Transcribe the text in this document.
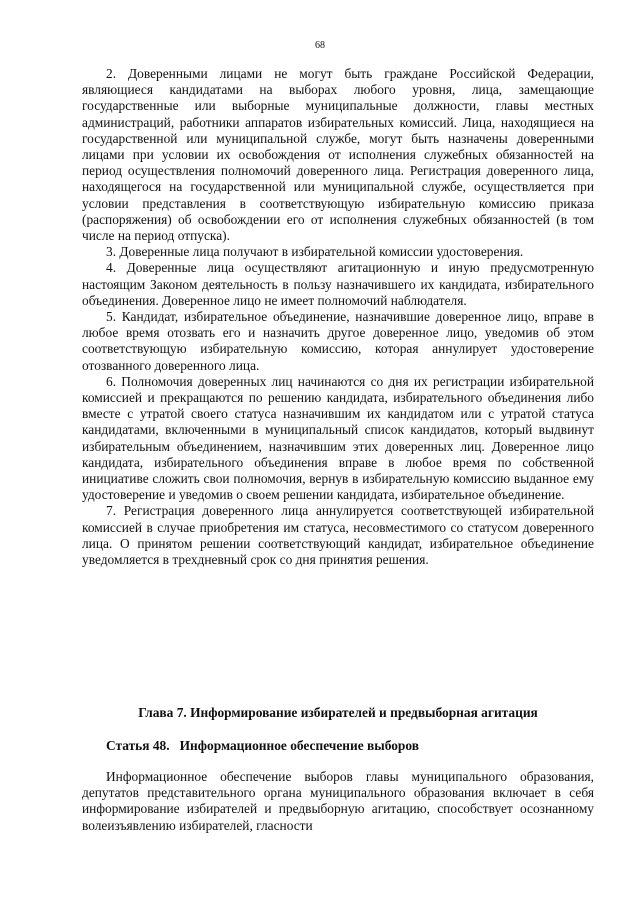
68

2. Доверенными лицами не могут быть граждане Российской Федерации, являющиеся кандидатами на выборах любого уровня, лица, замещающие государственные или выборные муниципальные должности, главы местных администраций, работники аппаратов избирательных комиссий. Лица, находящиеся на государственной или муниципальной службе, могут быть назначены доверенными лицами при условии их освобождения от исполнения служебных обязанностей на период осуществления полномочий доверенного лица. Регистрация доверенного лица, находящегося на государственной или муниципальной службе, осуществляется при условии представления в соответствующую избирательную комиссию приказа (распоряжения) об освобождении его от исполнения служебных обязанностей (в том числе на период отпуска).

3. Доверенные лица получают в избирательной комиссии удостоверения.

4. Доверенные лица осуществляют агитационную и иную предусмотренную настоящим Законом деятельность в пользу назначившего их кандидата, избирательного объединения. Доверенное лицо не имеет полномочий наблюдателя.

5. Кандидат, избирательное объединение, назначившие доверенное лицо, вправе в любое время отозвать его и назначить другое доверенное лицо, уведомив об этом соответствующую избирательную комиссию, которая аннулирует удостоверение отозванного доверенного лица.

6. Полномочия доверенных лиц начинаются со дня их регистрации избирательной комиссией и прекращаются по решению кандидата, избирательного объединения либо вместе с утратой своего статуса назначившим их кандидатом или с утратой статуса кандидатами, включенными в муниципальный список кандидатов, который выдвинут избирательным объединением, назначившим этих доверенных лиц. Доверенное лицо кандидата, избирательного объединения вправе в любое время по собственной инициативе сложить свои полномочия, вернув в избирательную комиссию выданное ему удостоверение и уведомив о своем решении кандидата, избирательное объединение.

7. Регистрация доверенного лица аннулируется соответствующей избирательной комиссией в случае приобретения им статуса, несовместимого со статусом доверенного лица. О принятом решении соответствующий кандидат, избирательное объединение уведомляется в трехдневный срок со дня принятия решения.

Глава 7. Информирование избирателей и предвыборная агитация
Статья 48.   Информационное обеспечение выборов

Информационное обеспечение выборов главы муниципального образования, депутатов представительного органа муниципального образования включает в себя информирование избирателей и предвыборную агитацию, способствует осознанному волеизъявлению избирателей, гласности
